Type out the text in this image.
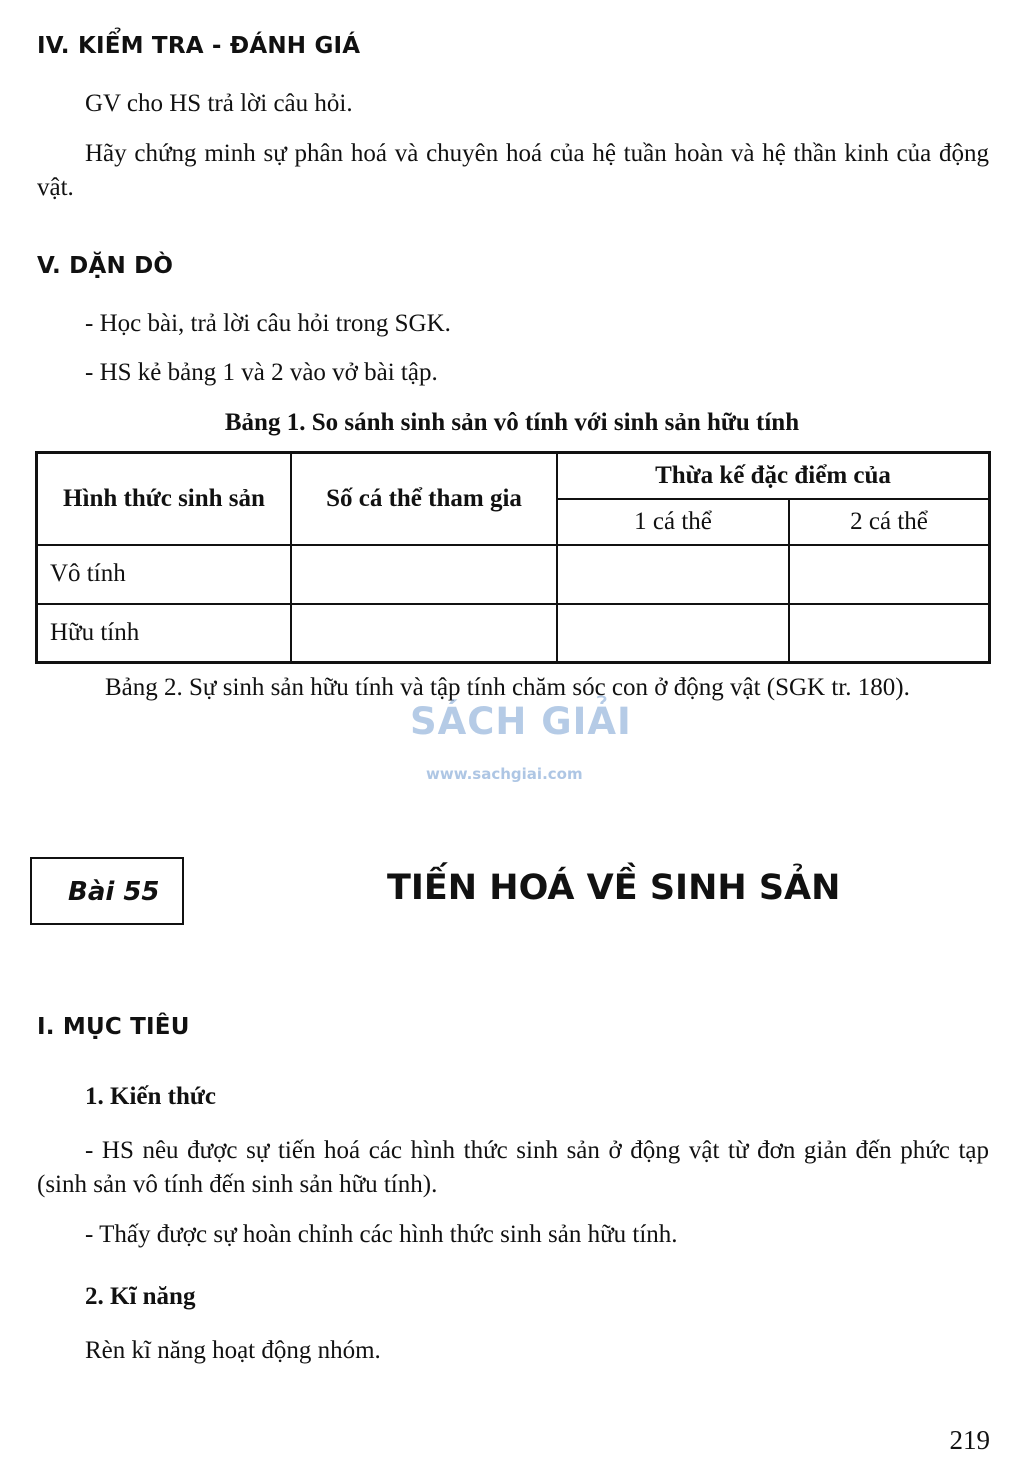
IV. KIỂM TRA - ĐÁNH GIÁ
GV cho HS trả lời câu hỏi.
Hãy chứng minh sự phân hoá và chuyên hoá của hệ tuần hoàn và hệ thần kinh của động vật.
V. DẶN DÒ
- Học bài, trả lời câu hỏi trong SGK.
- HS kẻ bảng 1 và 2 vào vở bài tập.
Bảng 1. So sánh sinh sản vô tính với sinh sản hữu tính
Hình thức sinh sản	Số cá thể tham gia	Thừa kế đặc điểm của	
		1 cá thể	2 cá thể
Vô tính			
Hữu tính			
Bảng 2. Sự sinh sản hữu tính và tập tính chăm sóc con ở động vật (SGK tr. 180).
SÁCH GIẢI
www.sachgiai.com
Bài 55	TIẾN HOÁ VỀ SINH SẢN
I. MỤC TIÊU
1. Kiến thức
- HS nêu được sự tiến hoá các hình thức sinh sản ở động vật từ đơn giản đến phức tạp (sinh sản vô tính đến sinh sản hữu tính).
- Thấy được sự hoàn chỉnh các hình thức sinh sản hữu tính.
2. Kĩ năng
Rèn kĩ năng hoạt động nhóm.
219
